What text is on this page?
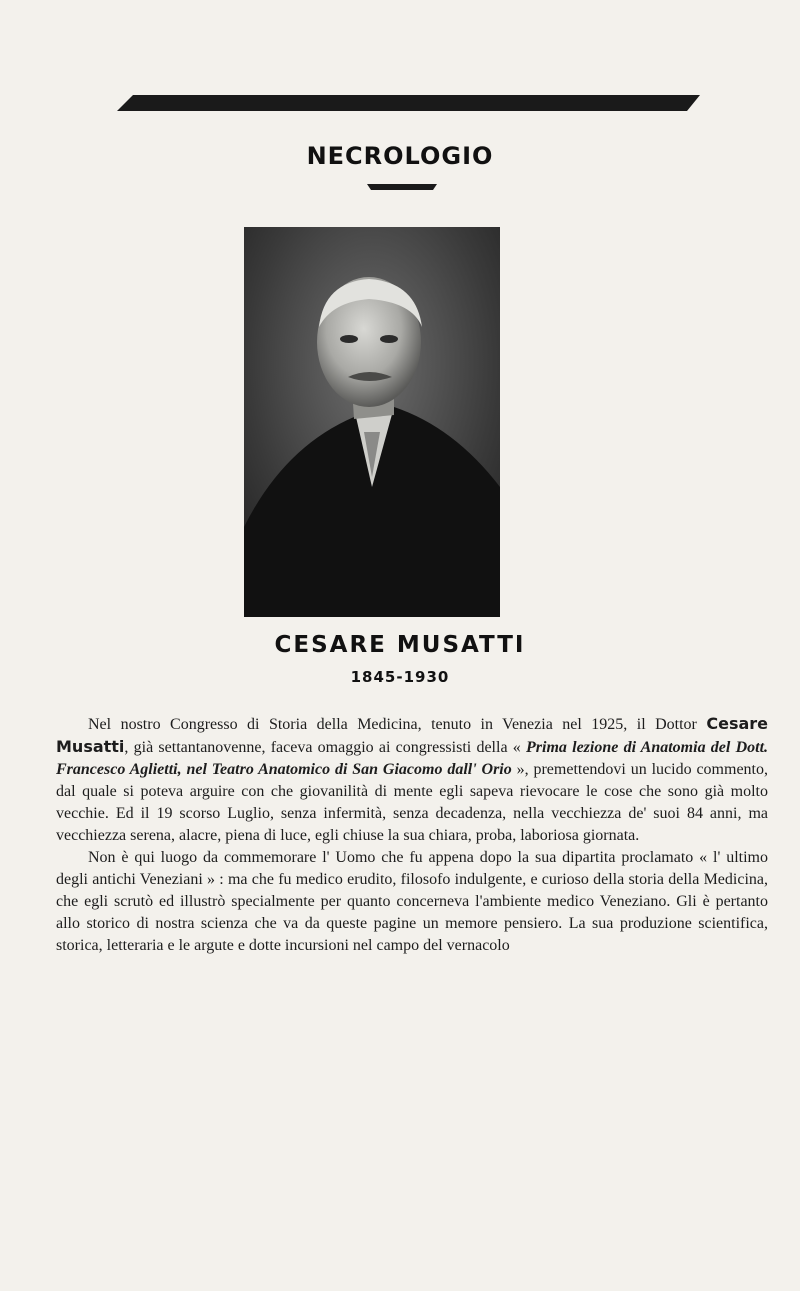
NECROLOGIO
CESARE MUSATTI
1845-1930

Nel nostro Congresso di Storia della Medicina, tenuto in Venezia nel 1925, il Dottor Cesare Musatti, già settantanovenne, faceva omaggio ai congressisti della « Prima lezione di Anatomia del Dott. Francesco Aglietti, nel Teatro Anatomico di San Giacomo dall' Orio », premettendovi un lucido commento, dal quale si poteva arguire con che giovanilità di mente egli sapeva rievocare le cose che sono già molto vecchie. Ed il 19 scorso Luglio, senza infermità, senza decadenza, nella vecchiezza de' suoi 84 anni, ma vecchiezza serena, alacre, piena di luce, egli chiuse la sua chiara, proba, laboriosa giornata.

Non è qui luogo da commemorare l' Uomo che fu appena dopo la sua dipartita proclamato « l' ultimo degli antichi Veneziani » : ma che fu medico erudito, filosofo indulgente, e curioso della storia della Medicina, che egli scrutò ed illustrò specialmente per quanto concerneva l'ambiente medico Veneziano. Gli è pertanto allo storico di nostra scienza che va da queste pagine un memore pensiero. La sua produzione scientifica, storica, letteraria e le argute e dotte incursioni nel campo del vernacolo
